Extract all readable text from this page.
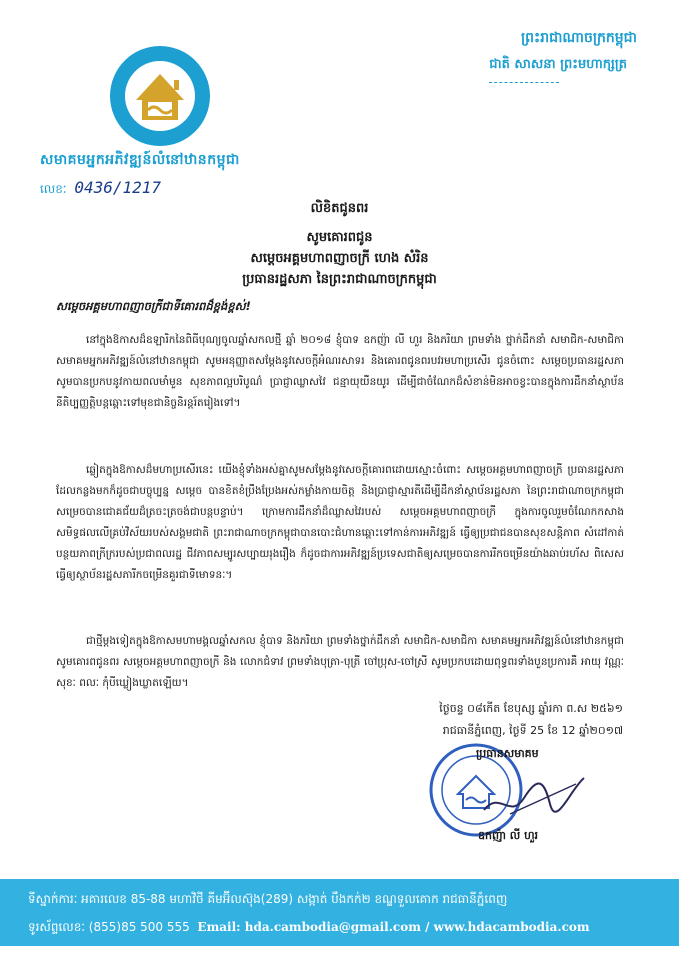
សមាគមអ្នកអភិវឌ្ឍន៍លំនៅឋានកម្ពុជា
លេខៈ 0436/1217
ព្រះរាជាណាចក្រកម្ពុជា
ជាតិ សាសនា ព្រះមហាក្សត្រ
លិខិតជូនពរ
សូមគោរពជូន
សម្ដេចអគ្គមហាពញាចក្រី ហេង សំរិន
ប្រធានរដ្ឋសភា នៃព្រះរាជាណាចក្រកម្ពុជា
សម្ដេចអគ្គមហាពញាចក្រីជាទីគោរពដ៏ខ្ពង់ខ្ពស់!
នៅក្នុងឱកាសដ៏ឧឡារិកនៃពិធីបុណ្យចូលឆ្នាំសកលថ្មី ឆ្នាំ ២០១៨ ខ្ញុំបាទ ឧកញ៉ា លី ហួរ និងភរិយា ព្រមទាំង ថ្នាក់ដឹកនាំ សមាជិក-សមាជិកា សមាគមអ្នកអភិវឌ្ឍន៍លំនៅឋានកម្ពុជា សូមអនុញ្ញាតសម្ដែងនូវសេចក្ដីអំណរសាទរ និងគោរពជូនពរបវរមហាប្រសើរ ជូនចំពោះ សម្ដេចប្រធានរដ្ឋសភា សូមបានប្រកបនូវកាយពលមាំមួន សុខភាពល្អបរិបូណ៌ ប្រាជ្ញាឈ្លាសវៃ ជន្មាយុយឺនយូរ ដើម្បីជាចំណែកដ៏សំខាន់មិនអាចខ្វះបានក្នុងការដឹកនាំស្ថាប័ននីតិប្បញ្ញត្តិបន្តឆ្ពោះទៅមុខជានិច្ចនិរន្តរ៍តរៀងទៅ។
ឆ្លៀតក្នុងឱកាសដ៏មហាប្រសើរនេះ យើងខ្ញុំទាំងអស់គ្នាសូមសម្ដែងនូវសេចក្ដីគោរពដោយស្មោះចំពោះ សម្ដេចអគ្គមហាពញាចក្រី ប្រធានរដ្ឋសភា ដែលកន្លងមកក៏ដូចជាបច្ចុប្បន្ន សម្ដេច បានខិតខំប្រឹងប្រែងអស់កម្លាំងកាយចិត្ត និងប្រាជ្ញាស្មារតីដើម្បីដឹកនាំស្ថាប័នរដ្ឋសភា នៃព្រះរាជាណាចក្រកម្ពុជា សម្រេចបានជោគជ័យដ៏ត្រចះត្រចង់ជាបន្តបន្ទាប់។ ក្រោមការដឹកនាំដ៏ឈ្លាសវៃរបស់ សម្ដេចអគ្គមហាពញាចក្រី ក្នុងការចូលរួមចំណែកកសាងសមិទ្ធផលលើគ្រប់វិស័យរបស់សង្គមជាតិ ព្រះរាជាណាចក្រកម្ពុជាបានបោះជំហានឆ្ពោះទៅកាន់ការអភិវឌ្ឍន៍ ធ្វើឲ្យប្រជាជនបានសុខសន្តិភាព សំដៅកាត់បន្ថយភាពក្រីក្ររបស់ប្រជាពលរដ្ឋ ជីវភាពសម្បូរសប្បាយរុងរឿង ក៏ដូចជាការអភិវឌ្ឍន៍ប្រទេសជាតិឲ្យសម្រេចបានការរីកចម្រើនយ៉ាងឆាប់រហ័ស ពិសេសធ្វើឲ្យស្ថាប័នរដ្ឋសភារីកចម្រើនគួរជាទីមោទនៈ។
ជាថ្មីម្ដងទៀតក្នុងឱកាសមហាមង្គលឆ្នាំសកល ខ្ញុំបាទ និងភរិយា ព្រមទាំងថ្នាក់ដឹកនាំ សមាជិក-សមាជិកា សមាគមអ្នកអភិវឌ្ឍន៍លំនៅឋានកម្ពុជា សូមគោរពជូនពរ សម្ដេចអគ្គមហាពញាចក្រី និង លោកជំទាវ ព្រមទាំងបុត្រា-បុត្រី ចៅប្រុស-ចៅស្រី សូមប្រកបដោយពុទ្ធពរទាំងបួនប្រការគឺ អាយុ វណ្ណៈ សុខៈ ពលៈ កុំបីឃ្លៀងឃ្លាតឡើយ។
ថ្ងៃចន្ទ ០៨កើត ខែបុស្ស ឆ្នាំរកា ព.ស ២៥៦១
រាជធានីភ្នំពេញ, ថ្ងៃទី 25 ខែ 12 ឆ្នាំ២០១៧
ប្រធានសមាគម
ឧកញ៉ា លី ហួរ
ទីស្នាក់ការៈ អគារលេខ 85-88 មហាវិថី គីមអ៊ីលស៊ុង(289) សង្កាត់ បឹងកក់២ ខណ្ឌទួលគោក រាជធានីភ្នំពេញ
ទូរស័ព្ទលេខៈ (855)85 500 555 Email: hda.cambodia@gmail.com / www.hdacambodia.com
